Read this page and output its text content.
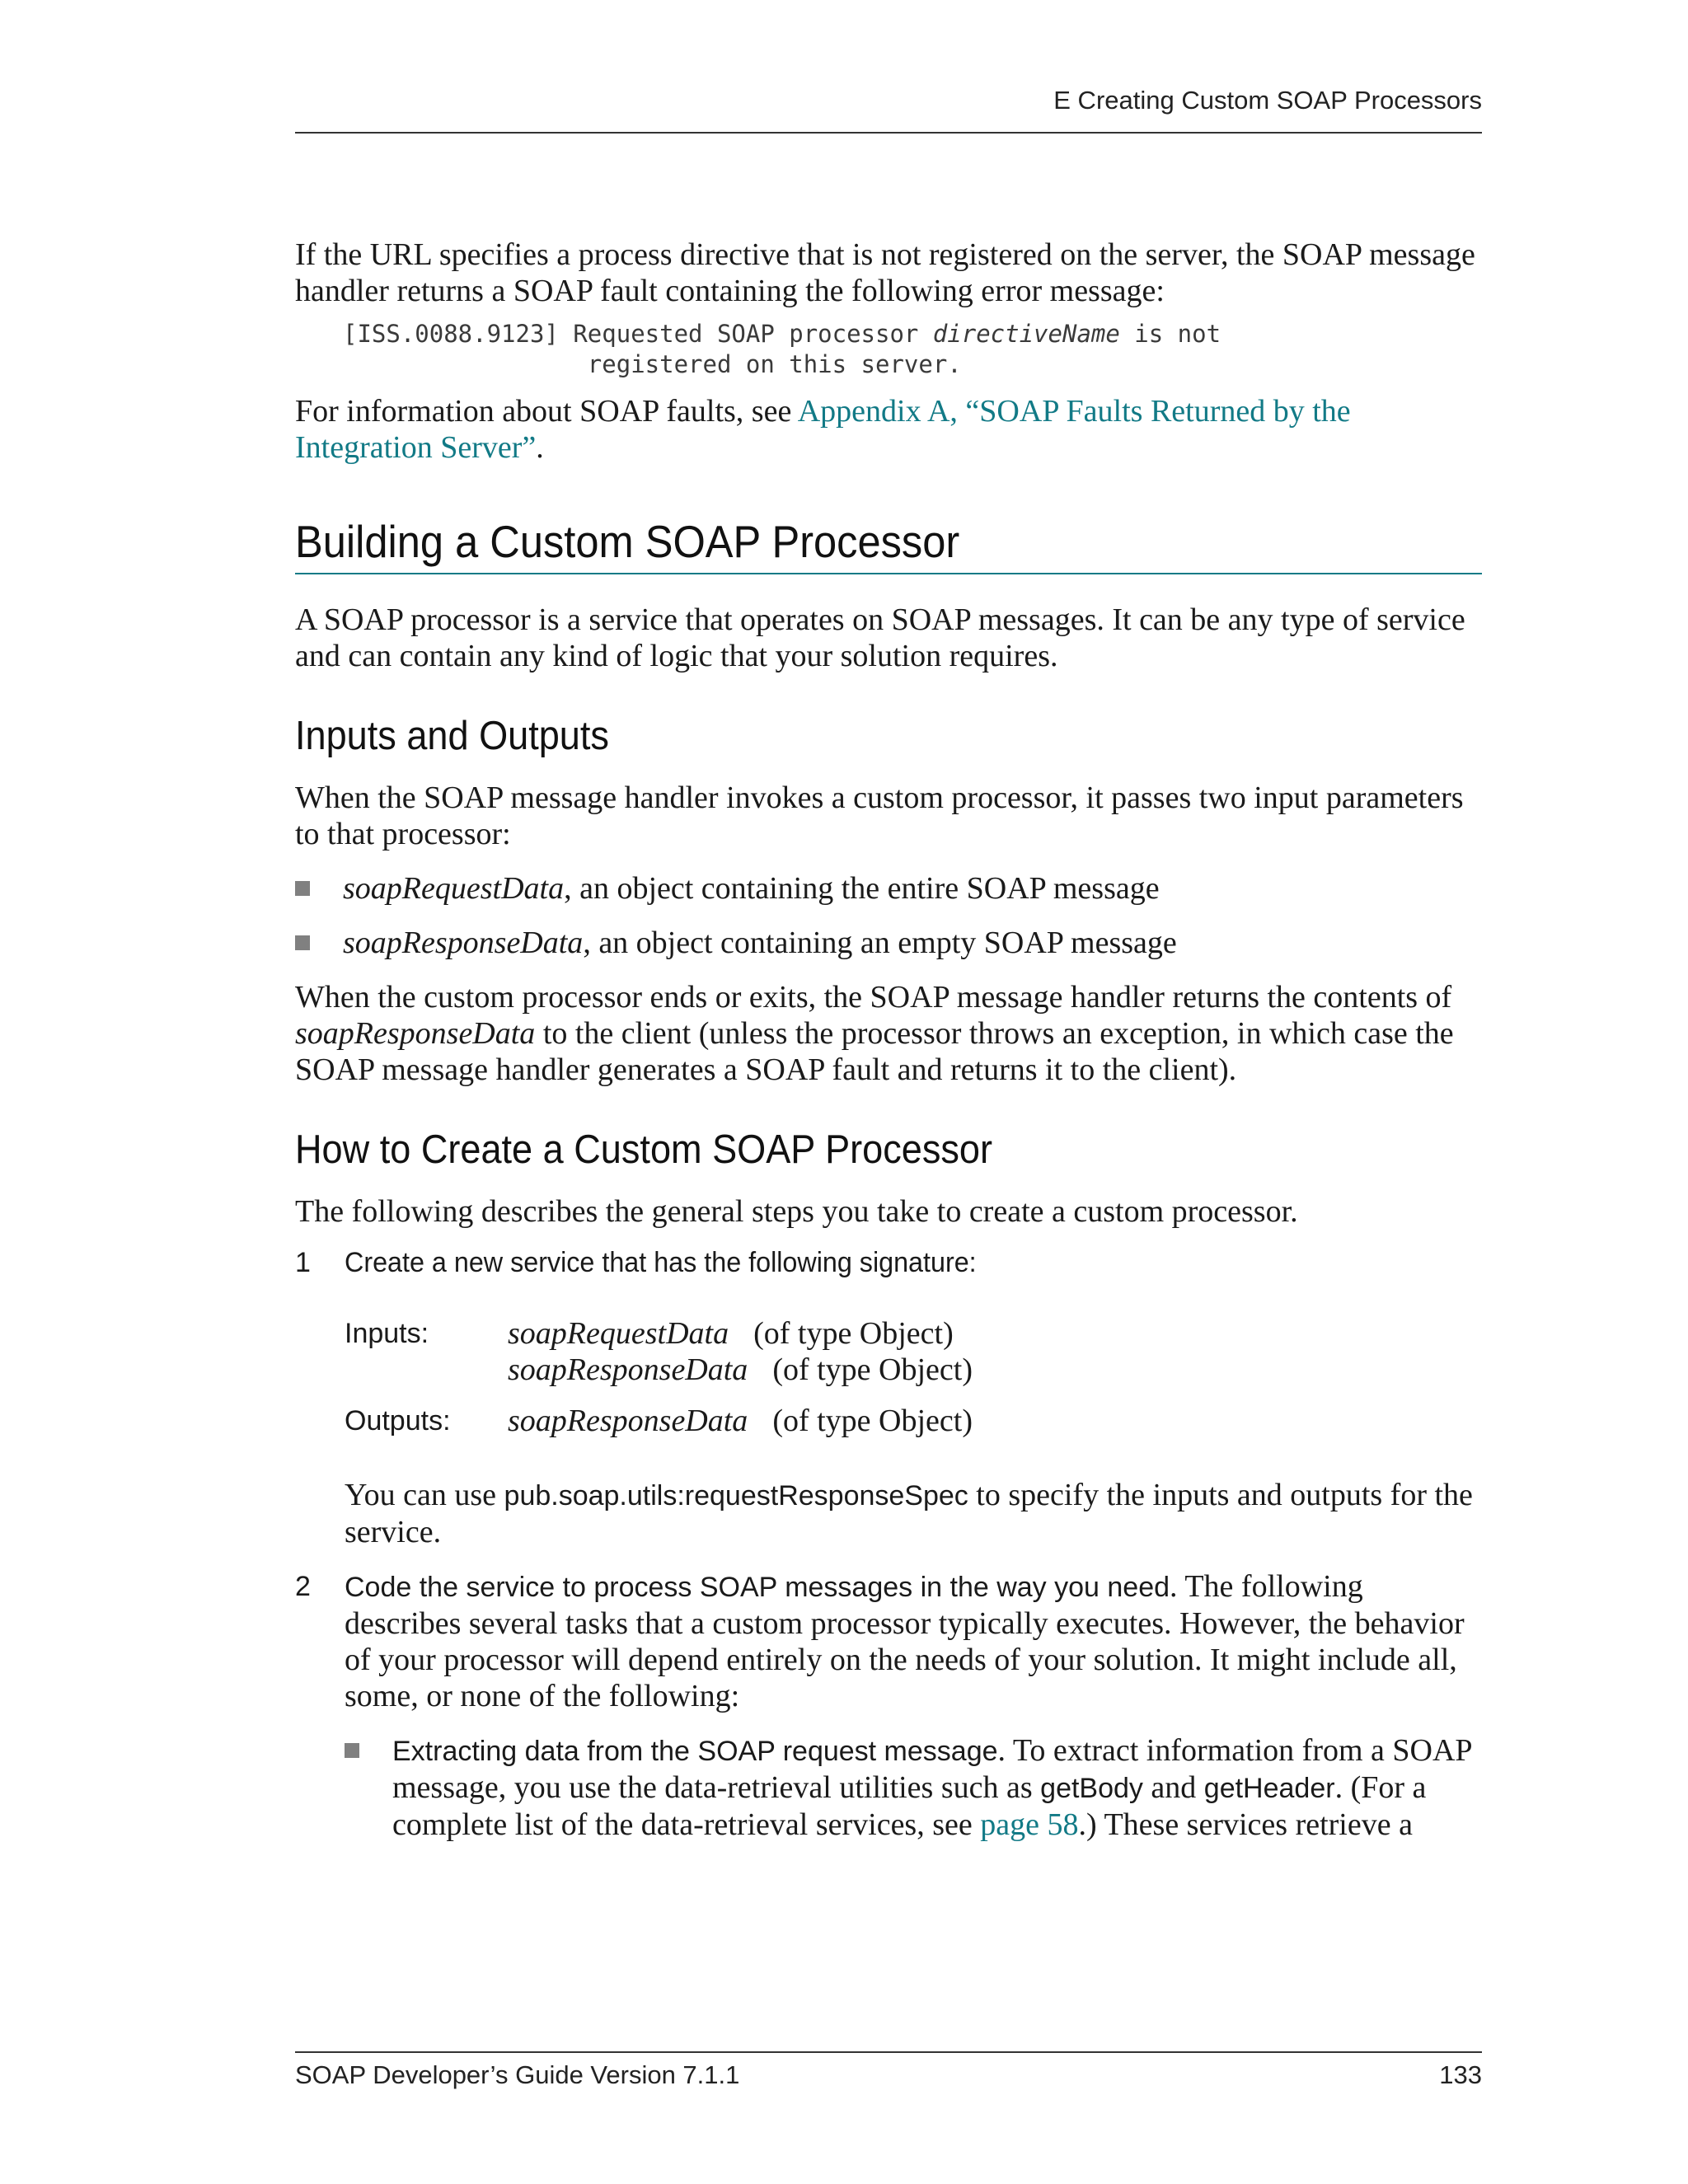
E Creating Custom SOAP Processors

If the URL specifies a process directive that is not registered on the server, the SOAP message handler returns a SOAP fault containing the following error message:

[ISS.0088.9123] Requested SOAP processor directiveName is not
registered on this server.

For information about SOAP faults, see Appendix A, “SOAP Faults Returned by the Integration Server”.

Building a Custom SOAP Processor

A SOAP processor is a service that operates on SOAP messages. It can be any type of service and can contain any kind of logic that your solution requires.

Inputs and Outputs

When the SOAP message handler invokes a custom processor, it passes two input parameters to that processor:

soapRequestData, an object containing the entire SOAP message

soapResponseData, an object containing an empty SOAP message

When the custom processor ends or exits, the SOAP message handler returns the contents of soapResponseData to the client (unless the processor throws an exception, in which case the SOAP message handler generates a SOAP fault and returns it to the client).

How to Create a Custom SOAP Processor

The following describes the general steps you take to create a custom processor.

1	Create a new service that has the following signature:
Inputs:	soapRequestData (of type Object)
soapResponseData (of type Object)
Outputs:	soapResponseData (of type Object)

You can use pub.soap.utils:requestResponseSpec to specify the inputs and outputs for the service.

2	Code the service to process SOAP messages in the way you need. The following describes several tasks that a custom processor typically executes. However, the behavior of your processor will depend entirely on the needs of your solution. It might include all, some, or none of the following:

Extracting data from the SOAP request message. To extract information from a SOAP message, you use the data-retrieval utilities such as getBody and getHeader. (For a complete list of the data-retrieval services, see page 58.) These services retrieve a

SOAP Developer’s Guide Version 7.1.1	133
